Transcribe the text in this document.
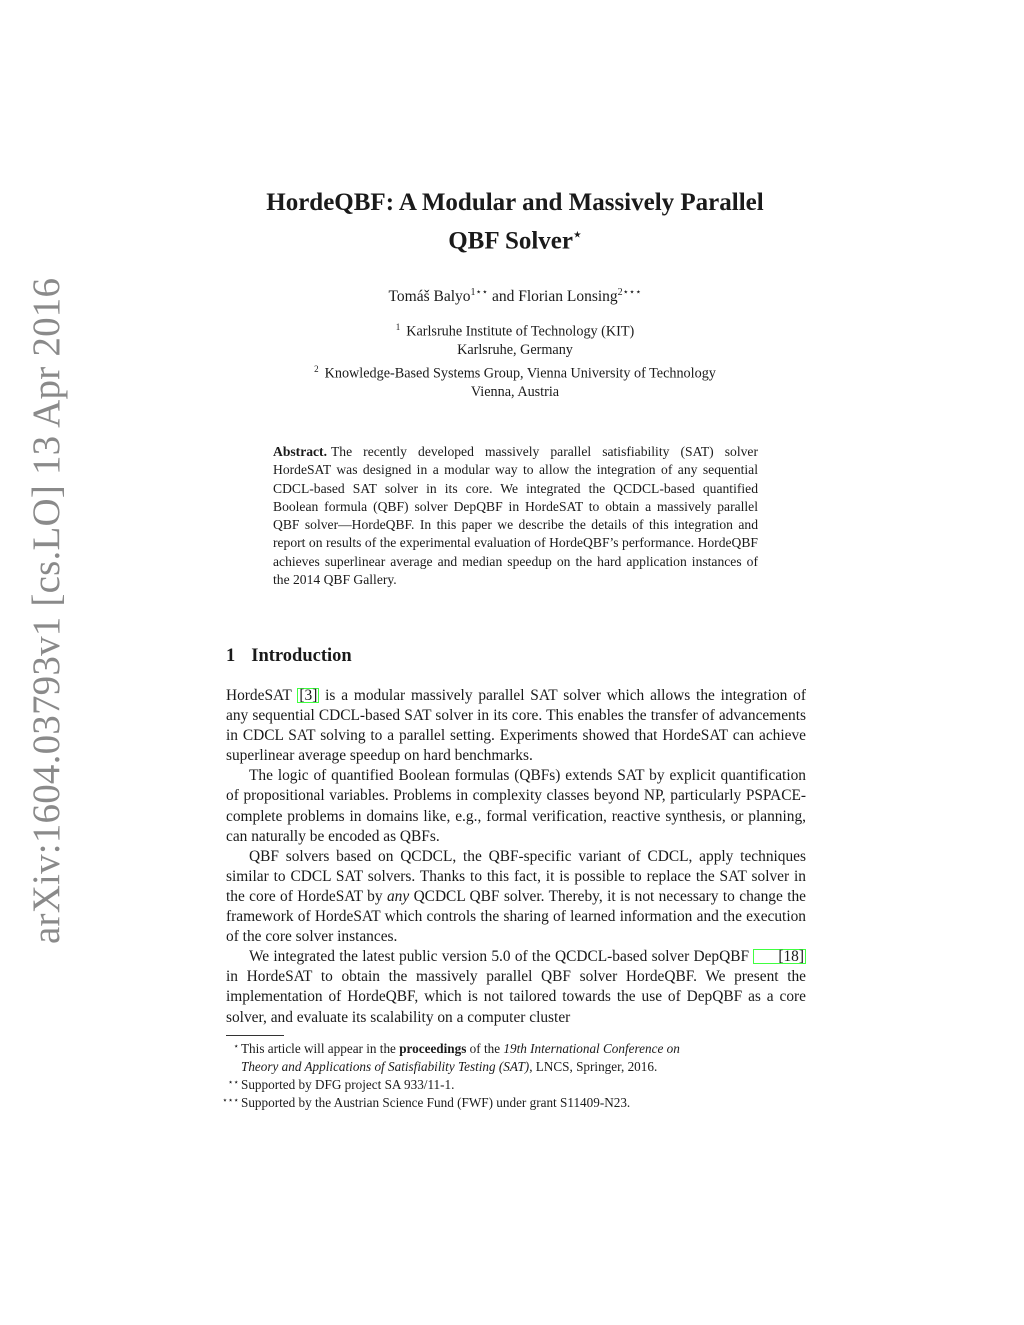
arXiv:1604.03793v1 [cs.LO] 13 Apr 2016
HordeQBF: A Modular and Massively Parallel
QBF Solver⋆
Tomáš Balyo$^{1⋆⋆}$ and Florian Lonsing$^{2⋆⋆⋆}$
$^1$ Karlsruhe Institute of Technology (KIT)
Karlsruhe, Germany
$^2$ Knowledge-Based Systems Group, Vienna University of Technology
Vienna, Austria
Abstract. The recently developed massively parallel satisfiability (SAT) solver HordeSAT was designed in a modular way to allow the integration of any sequential CDCL-based SAT solver in its core. We integrated the QCDCL-based quantified Boolean formula (QBF) solver DepQBF in HordeSAT to obtain a massively parallel QBF solver—HordeQBF. In this paper we describe the details of this integration and report on results of the experimental evaluation of HordeQBF’s performance. HordeQBF achieves superlinear average and median speedup on the hard application instances of the 2014 QBF Gallery.
1 Introduction

HordeSAT [3] is a modular massively parallel SAT solver which allows the integration of any sequential CDCL-based SAT solver in its core. This enables the transfer of advancements in CDCL SAT solving to a parallel setting. Experiments showed that HordeSAT can achieve superlinear average speedup on hard benchmarks.

The logic of quantified Boolean formulas (QBFs) extends SAT by explicit quantification of propositional variables. Problems in complexity classes beyond NP, particularly PSPACE-complete problems in domains like, e.g., formal verification, reactive synthesis, or planning, can naturally be encoded as QBFs.

QBF solvers based on QCDCL, the QBF-specific variant of CDCL, apply techniques similar to CDCL SAT solvers. Thanks to this fact, it is possible to replace the SAT solver in the core of HordeSAT by any QCDCL QBF solver. Thereby, it is not necessary to change the framework of HordeSAT which controls the sharing of learned information and the execution of the core solver instances.

We integrated the latest public version 5.0 of the QCDCL-based solver DepQBF [18] in HordeSAT to obtain the massively parallel QBF solver HordeQBF. We present the implementation of HordeQBF, which is not tailored towards the use of DepQBF as a core solver, and evaluate its scalability on a computer cluster

⋆ This article will appear in the proceedings of the 19th International Conference on
Theory and Applications of Satisfiability Testing (SAT), LNCS, Springer, 2016.
⋆⋆ Supported by DFG project SA 933/11-1.
⋆⋆⋆ Supported by the Austrian Science Fund (FWF) under grant S11409-N23.
